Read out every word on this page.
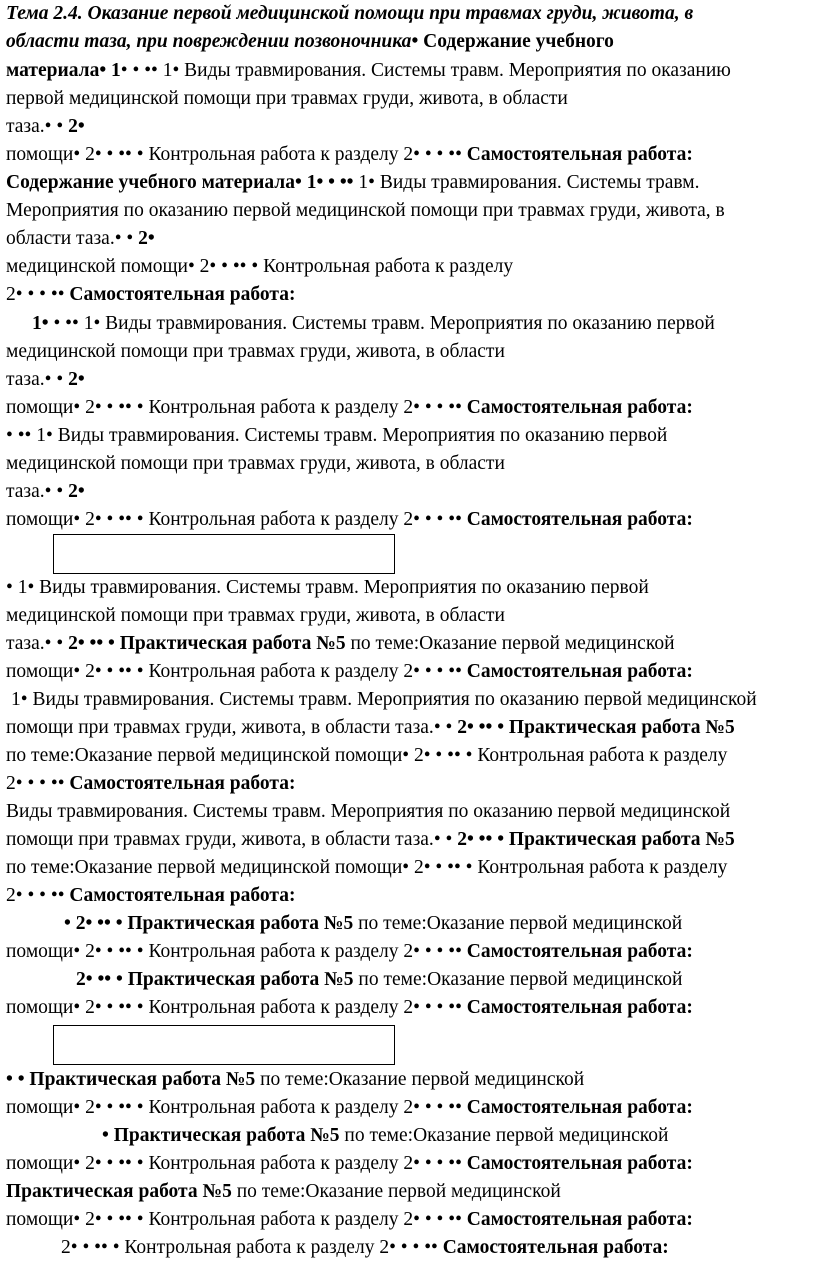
Тема 2.4. Оказание первой медицинской помощи при травмах груди, живота, в
области таза, при повреждении позвоночника• Содержание учебного
материала• 1• • •• 1• Виды травмирования. Системы травм. Мероприятия по оказанию
первой медицинской помощи при травмах груди, живота, в области
таза.• • 2•
помощи• 2• • •• • Контрольная работа к разделу 2• • • •• Самостоятельная работа:
Содержание учебного материала• 1• • •• 1• Виды травмирования. Системы травм.
Мероприятия по оказанию первой медицинской помощи при травмах груди, живота, в
области таза.• • 2•
медицинской помощи• 2• • •• • Контрольная работа к разделу
2• • • •• Самостоятельная работа:
1• • •• 1• Виды травмирования. Системы травм. Мероприятия по оказанию первой
медицинской помощи при травмах груди, живота, в области
таза.• • 2•
помощи• 2• • •• • Контрольная работа к разделу 2• • • •• Самостоятельная работа:
• •• 1• Виды травмирования. Системы травм. Мероприятия по оказанию первой
медицинской помощи при травмах груди, живота, в области
таза.• • 2•
помощи• 2• • •• • Контрольная работа к разделу 2• • • •• Самостоятельная работа:
• 1• Виды травмирования. Системы травм. Мероприятия по оказанию первой
медицинской помощи при травмах груди, живота, в области
таза.• • 2• •• • Практическая работа №5 по теме:Оказание первой медицинской
помощи• 2• • •• • Контрольная работа к разделу 2• • • •• Самостоятельная работа:
1• Виды травмирования. Системы травм. Мероприятия по оказанию первой медицинской
помощи при травмах груди, живота, в области таза.• • 2• •• • Практическая работа №5
по теме:Оказание первой медицинской помощи• 2• • •• • Контрольная работа к разделу
2• • • •• Самостоятельная работа:
Виды травмирования. Системы травм. Мероприятия по оказанию первой медицинской
помощи при травмах груди, живота, в области таза.• • 2• •• • Практическая работа №5
по теме:Оказание первой медицинской помощи• 2• • •• • Контрольная работа к разделу
2• • • •• Самостоятельная работа:
• 2• •• • Практическая работа №5 по теме:Оказание первой медицинской
помощи• 2• • •• • Контрольная работа к разделу 2• • • •• Самостоятельная работа:
2• •• • Практическая работа №5 по теме:Оказание первой медицинской
помощи• 2• • •• • Контрольная работа к разделу 2• • • •• Самостоятельная работа:
• • Практическая работа №5 по теме:Оказание первой медицинской
помощи• 2• • •• • Контрольная работа к разделу 2• • • •• Самостоятельная работа:
• Практическая работа №5 по теме:Оказание первой медицинской
помощи• 2• • •• • Контрольная работа к разделу 2• • • •• Самостоятельная работа:
Практическая работа №5 по теме:Оказание первой медицинской
помощи• 2• • •• • Контрольная работа к разделу 2• • • •• Самостоятельная работа:
2• • •• • Контрольная работа к разделу 2• • • •• Самостоятельная работа:
